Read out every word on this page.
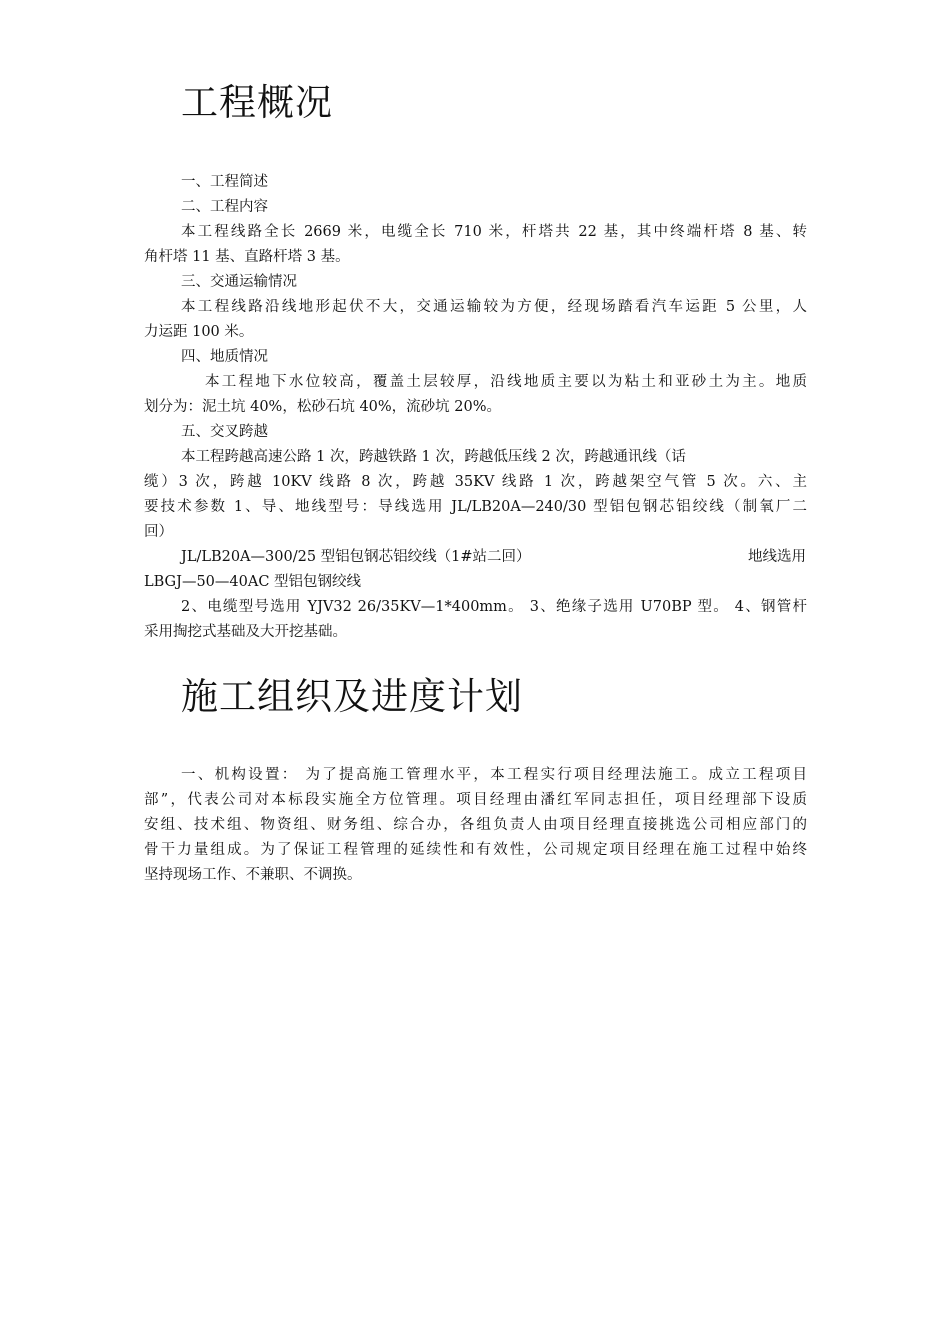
工程概况
一、工程简述
二、工程内容
本工程线路全长 2669 米，电缆全长 710 米，杆塔共 22 基，其中终端杆塔 8 基、转
角杆塔 11 基、直路杆塔 3 基。
三、交通运输情况
本工程线路沿线地形起伏不大，交通运输较为方便，经现场踏看汽车运距 5 公里，人
力运距 100 米。
四、地质情况
本工程地下水位较高，覆盖土层较厚，沿线地质主要以为粘土和亚砂土为主。地质
划分为：泥土坑 40%，松砂石坑 40%，流砂坑 20%。
五、交叉跨越
本工程跨越高速公路 1 次，跨越铁路 1 次，跨越低压线 2 次，跨越通讯线（话
缆）3 次，跨越 10KV 线路 8 次，跨越 35KV 线路 1 次，跨越架空气管 5 次。六、主
要技术参数 1、导、地线型号：导线选用 JL/LB20A—240/30 型铝包钢芯铝绞线（制氧厂二
回）
JL/LB20A—300/25 型铝包钢芯铝绞线（1#站二回）	地线选用
LBGJ—50—40AC 型铝包钢绞线
2、电缆型号选用 YJV32 26/35KV—1*400mm。 3、绝缘子选用 U70BP 型。 4、钢管杆
采用掏挖式基础及大开挖基础。
施工组织及进度计划
一、机构设置： 为了提高施工管理水平，本工程实行项目经理法施工。成立工程项目
部”，代表公司对本标段实施全方位管理。项目经理由潘红军同志担任，项目经理部下设质
安组、技术组、物资组、财务组、综合办，各组负责人由项目经理直接挑选公司相应部门的
骨干力量组成。为了保证工程管理的延续性和有效性，公司规定项目经理在施工过程中始终
坚持现场工作、不兼职、不调换。
